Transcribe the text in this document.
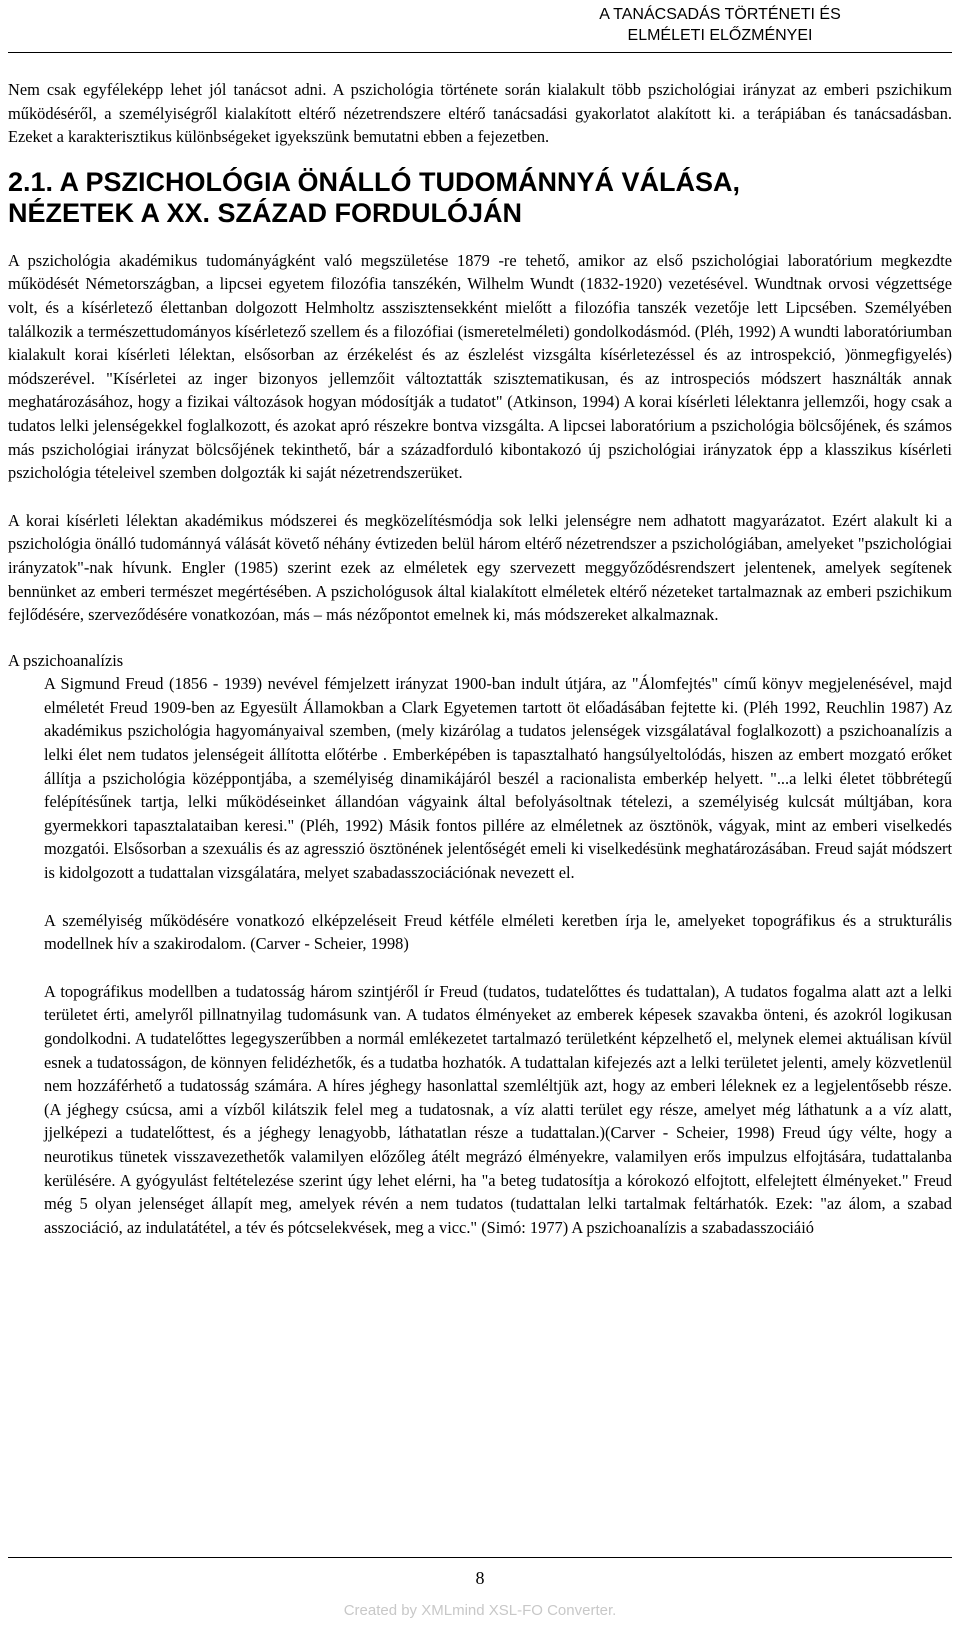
A TANÁCSADÁS TÖRTÉNETI ÉS
ELMÉLETI ELŐZMÉNYEI

Nem csak egyféleképp lehet jól tanácsot adni. A pszichológia története során kialakult több pszichológiai irányzat az emberi pszichikum működéséről, a személyiségről kialakított eltérő nézetrendszere eltérő tanácsadási gyakorlatot alakított ki. a terápiában és tanácsadásban. Ezeket a karakterisztikus különbségeket igyekszünk bemutatni ebben a fejezetben.

2.1. A PSZICHOLÓGIA ÖNÁLLÓ TUDOMÁNNYÁ VÁLÁSA,
NÉZETEK A XX. SZÁZAD FORDULÓJÁN

A pszichológia akadémikus tudományágként való megszületése 1879 -re tehető, amikor az első pszichológiai laboratórium megkezdte működését Németországban, a lipcsei egyetem filozófia tanszékén, Wilhelm Wundt (1832-1920) vezetésével. Wundtnak orvosi végzettsége volt, és a kísérletező élettanban dolgozott Helmholtz asszisztensekként mielőtt a filozófia tanszék vezetője lett Lipcsében. Személyében találkozik a természettudományos kísérletező szellem és a filozófiai (ismeretelméleti) gondolkodásmód. (Pléh, 1992) A wundti laboratóriumban kialakult korai kísérleti lélektan, elsősorban az érzékelést és az észlelést vizsgálta kísérletezéssel és az introspekció, )önmegfigyelés) módszerével. "Kísérletei az inger bizonyos jellemzőit változtatták szisztematikusan, és az introspeciós módszert használták annak meghatározásához, hogy a fizikai változások hogyan módosítják a tudatot" (Atkinson, 1994) A korai kísérleti lélektanra jellemzői, hogy csak a tudatos lelki jelenségekkel foglalkozott, és azokat apró részekre bontva vizsgálta. A lipcsei laboratórium a pszichológia bölcsőjének, és számos más pszichológiai irányzat bölcsőjének tekinthető, bár a századforduló kibontakozó új pszichológiai irányzatok épp a klasszikus kísérleti pszichológia tételeivel szemben dolgozták ki saját nézetrendszerüket.

A korai kísérleti lélektan akadémikus módszerei és megközelítésmódja sok lelki jelenségre nem adhatott magyarázatot. Ezért alakult ki a pszichológia önálló tudománnyá válását követő néhány évtizeden belül három eltérő nézetrendszer a pszichológiában, amelyeket "pszichológiai irányzatok"-nak hívunk. Engler (1985) szerint ezek az elméletek egy szervezett meggyőződésrendszert jelentenek, amelyek segítenek bennünket az emberi természet megértésében. A pszichológusok által kialakított elméletek eltérő nézeteket tartalmaznak az emberi pszichikum fejlődésére, szerveződésére vonatkozóan, más – más nézőpontot emelnek ki, más módszereket alkalmaznak.

A pszichoanalízis

A Sigmund Freud (1856 - 1939) nevével fémjelzett irányzat 1900-ban indult útjára, az "Álomfejtés" című könyv megjelenésével, majd elméletét Freud 1909-ben az Egyesült Államokban a Clark Egyetemen tartott öt előadásában fejtette ki. (Pléh 1992, Reuchlin 1987) Az akadémikus pszichológia hagyományaival szemben, (mely kizárólag a tudatos jelenségek vizsgálatával foglalkozott) a pszichoanalízis a lelki élet nem tudatos jelenségeit állította előtérbe . Emberképében is tapasztalható hangsúlyeltolódás, hiszen az embert mozgató erőket állítja a pszichológia középpontjába, a személyiség dinamikájáról beszél a racionalista emberkép helyett. "...a lelki életet többrétegű felépítésűnek tartja, lelki működéseinket állandóan vágyaink által befolyásoltnak tételezi, a személyiség kulcsát múltjában, kora gyermekkori tapasztalataiban keresi." (Pléh, 1992) Másik fontos pillére az elméletnek az ösztönök, vágyak, mint az emberi viselkedés mozgatói. Elsősorban a szexuális és az agresszió ösztönének jelentőségét emeli ki viselkedésünk meghatározásában. Freud saját módszert is kidolgozott a tudattalan vizsgálatára, melyet szabadasszociációnak nevezett el.

A személyiség működésére vonatkozó elképzeléseit Freud kétféle elméleti keretben írja le, amelyeket topográfikus és a strukturális modellnek hív a szakirodalom. (Carver - Scheier, 1998)

A topográfikus modellben a tudatosság három szintjéről ír Freud (tudatos, tudatelőttes és tudattalan), A tudatos fogalma alatt azt a lelki területet érti, amelyről pillnatnyilag tudomásunk van. A tudatos élményeket az emberek képesek szavakba önteni, és azokról logikusan gondolkodni. A tudatelőttes legegyszerűbben a normál emlékezetet tartalmazó területként képzelhető el, melynek elemei aktuálisan kívül esnek a tudatosságon, de könnyen felidézhetők, és a tudatba hozhatók. A tudattalan kifejezés azt a lelki területet jelenti, amely közvetlenül nem hozzáférhető a tudatosság számára. A híres jéghegy hasonlattal szemléltjük azt, hogy az emberi léleknek ez a legjelentősebb része. (A jéghegy csúcsa, ami a vízből kilátszik felel meg a tudatosnak, a víz alatti terület egy része, amelyet még láthatunk a a víz alatt, jjelképezi a tudatelőttest, és a jéghegy lenagyobb, láthatatlan része a tudattalan.)(Carver - Scheier, 1998) Freud úgy vélte, hogy a neurotikus tünetek visszavezethetők valamilyen előzőleg átélt megrázó élményekre, valamilyen erős impulzus elfojtására, tudattalanba kerülésére. A gyógyulást feltételezése szerint úgy lehet elérni, ha "a beteg tudatosítja a kórokozó elfojtott, elfelejtett élményeket." Freud még 5 olyan jelenséget állapít meg, amelyek révén a nem tudatos (tudattalan lelki tartalmak feltárhatók. Ezek: "az álom, a szabad asszociáció, az indulatátétel, a tév és pótcselekvések, meg a vicc." (Simó: 1977) A pszichoanalízis a szabadasszociáió

8
Created by XMLmind XSL-FO Converter.
